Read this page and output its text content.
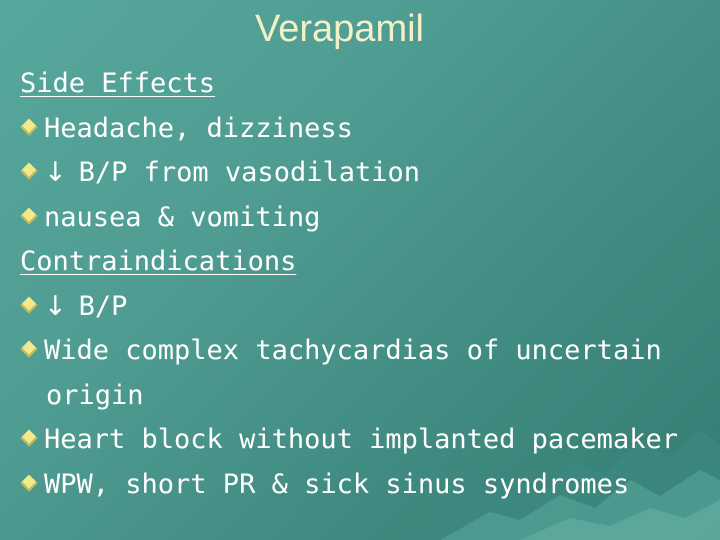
Verapamil
Side Effects
Headache, dizziness
↓ B/P from vasodilation
nausea & vomiting
Contraindications
↓ B/P
Wide complex tachycardias of uncertain
origin
Heart block without implanted pacemaker
WPW, short PR & sick sinus syndromes
